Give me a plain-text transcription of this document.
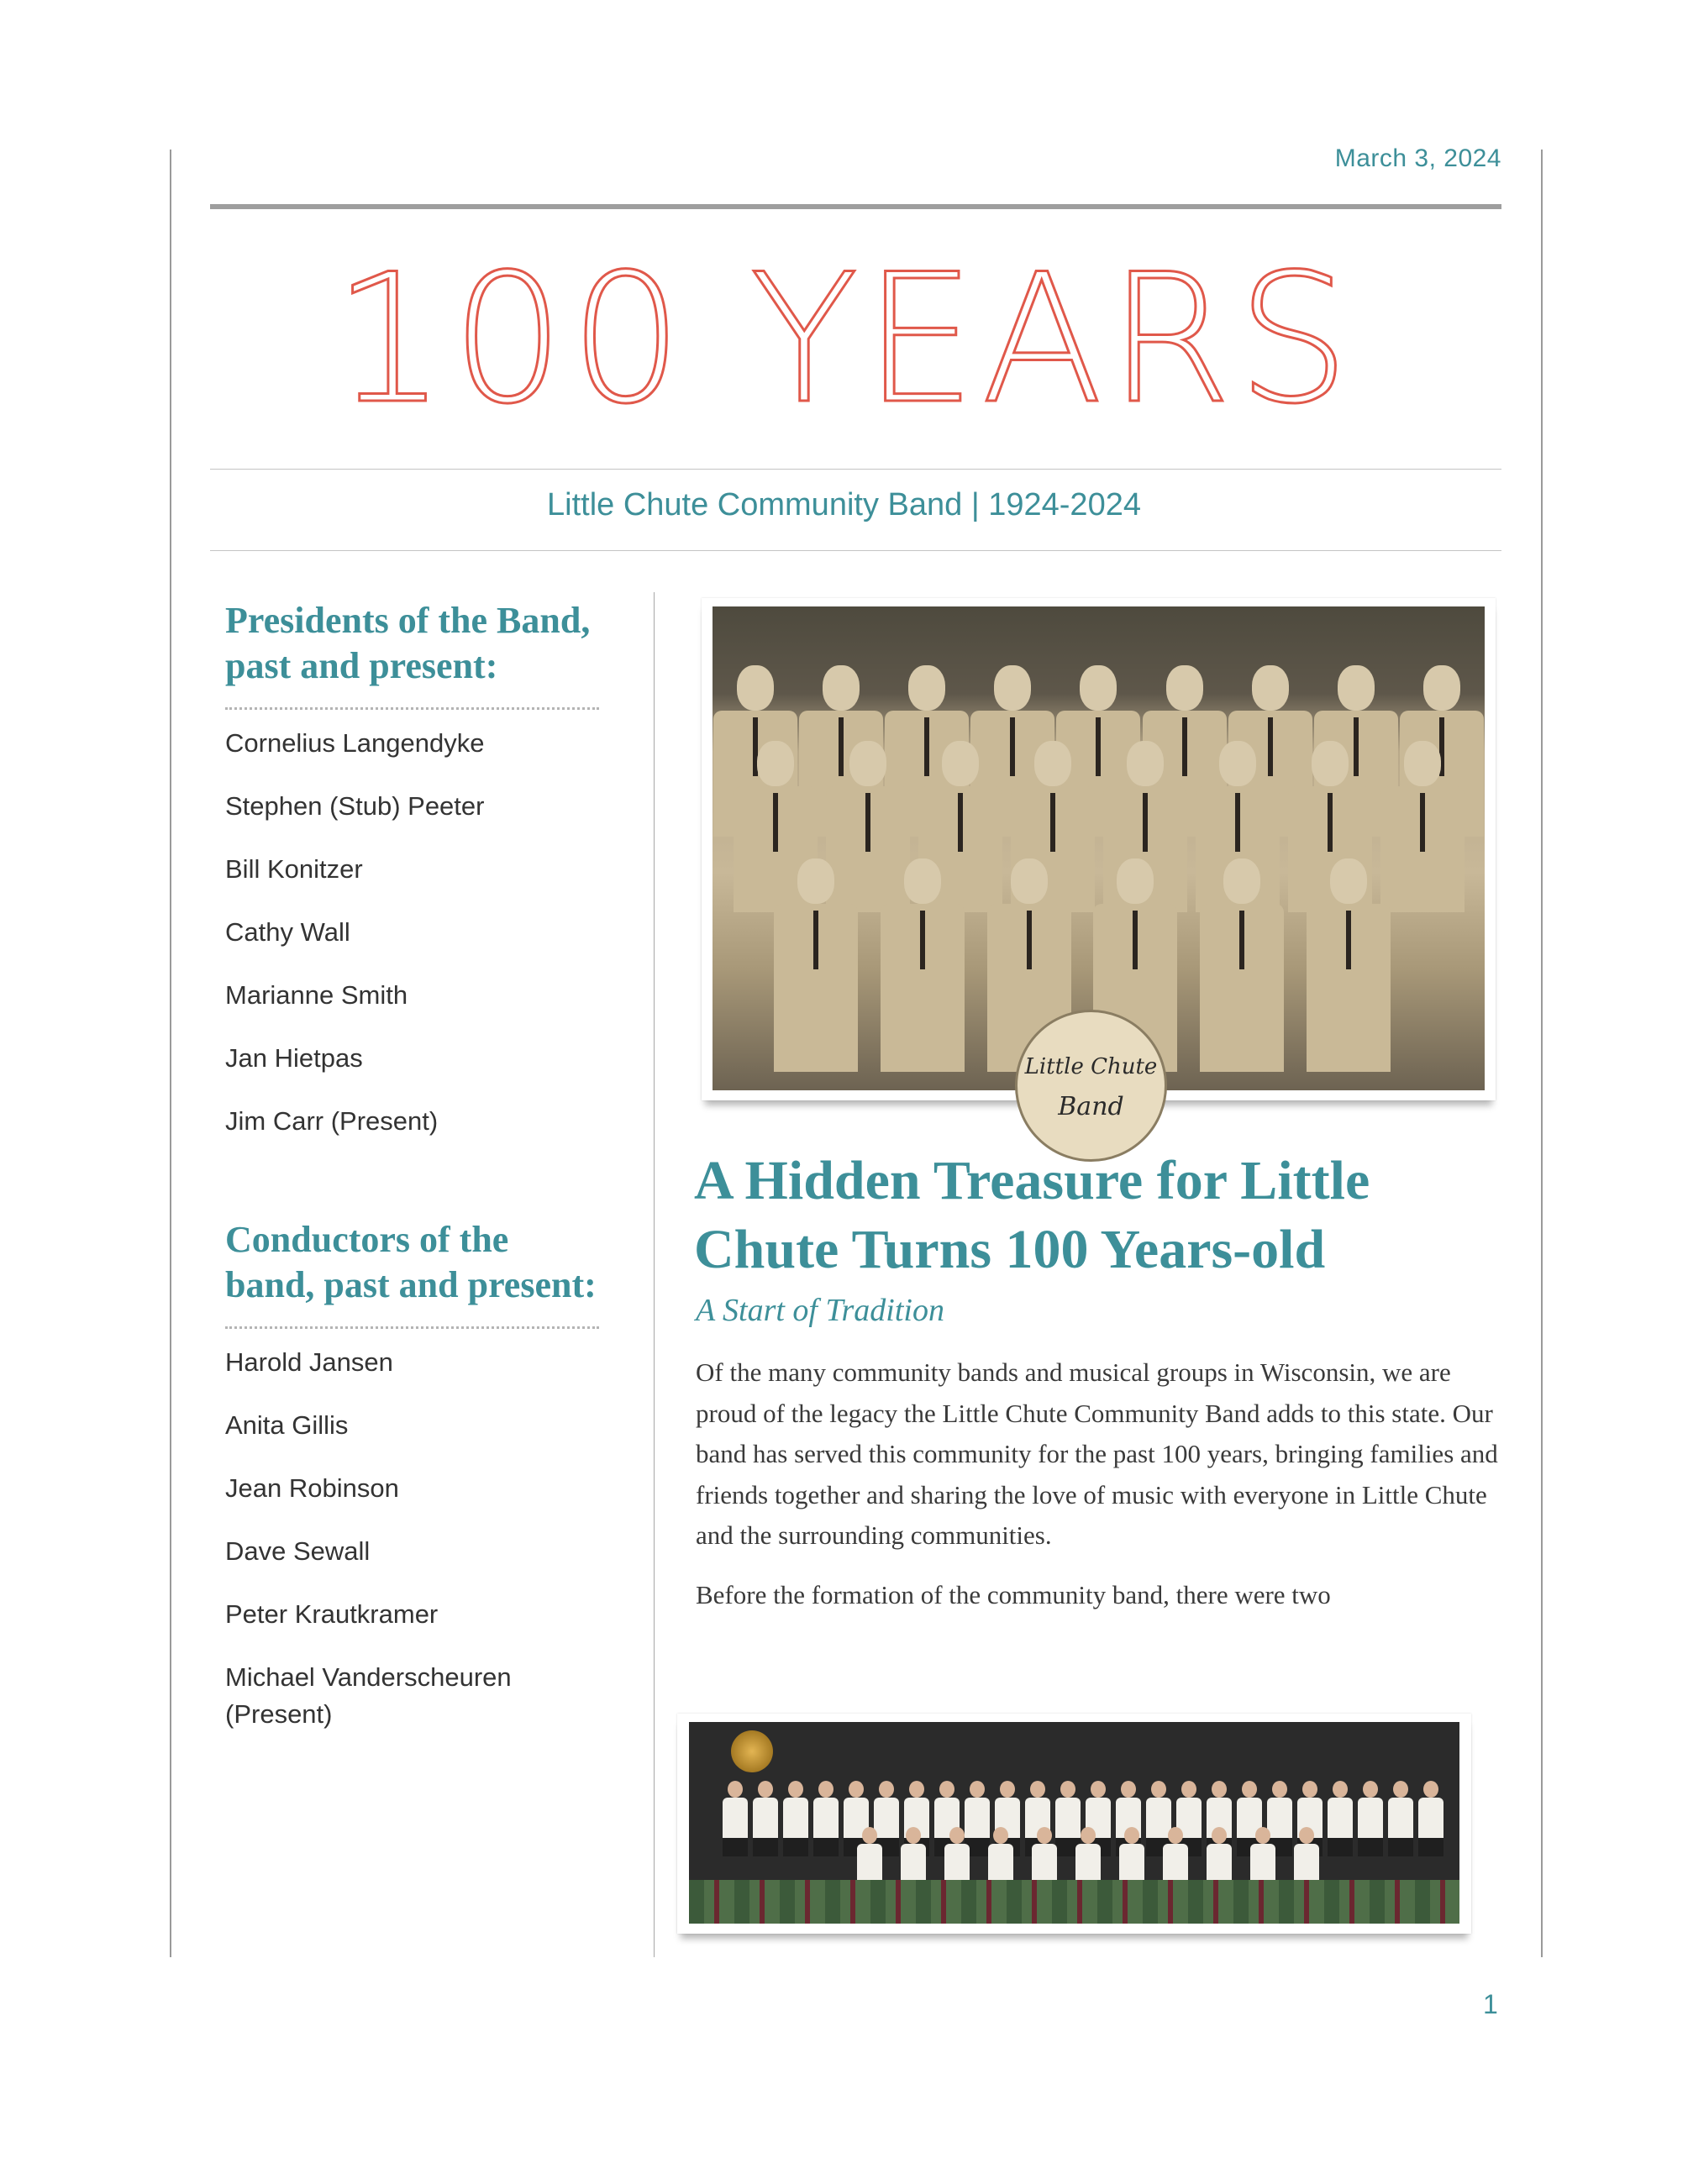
March 3, 2024
100 YEARS
Little Chute Community Band | 1924-2024
Presidents of the Band, past and present:
Cornelius Langendyke
Stephen (Stub) Peeter
Bill Konitzer
Cathy Wall
Marianne Smith
Jan Hietpas
Jim Carr (Present)
Conductors of the band, past and present:
Harold Jansen
Anita Gillis
Jean Robinson
Dave Sewall
Peter Krautkramer
Michael Vanderscheuren (Present)
Little Chute
Band
A Hidden Treasure for Little Chute Turns 100 Years-old
A Start of Tradition

Of the many community bands and musical groups in Wisconsin, we are proud of the legacy the Little Chute Community Band adds to this state. Our band has served this community for the past 100 years, bringing families and friends together and sharing the love of music with everyone in Little Chute and the surrounding communities.

Before the formation of the community band, there were two

1
